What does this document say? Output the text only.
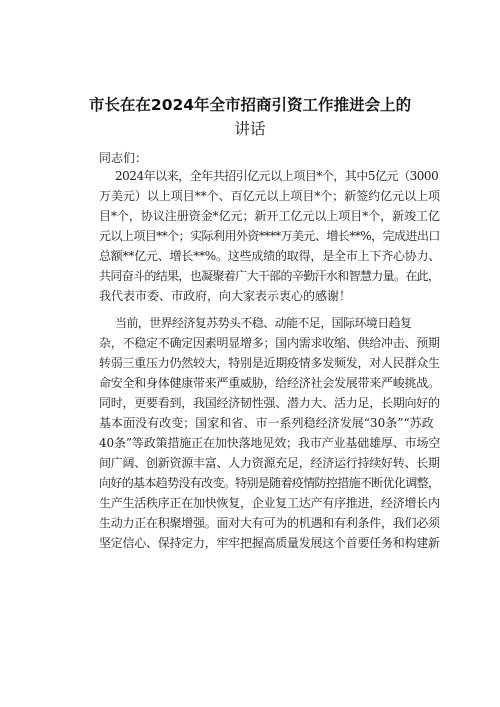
市长在在2024年全市招商引资工作推进会上的
讲话

同志们：

2024年以来，全年共招引亿元以上项目*个，其中5亿元（3000

万美元）以上项目**个、百亿元以上项目*个；新签约亿元以上项

目*个，协议注册资金*亿元；新开工亿元以上项目*个，新竣工亿

元以上项目**个；实际利用外资****万美元、增长**%，完成进出口

总额**亿元、增长**%。这些成绩的取得，是全市上下齐心协力、

共同奋斗的结果，也凝聚着广大干部的辛勤汗水和智慧力量。在此，

我代表市委、市政府，向大家表示衷心的感谢！

当前，世界经济复苏势头不稳、动能不足，国际环境日趋复

杂，不稳定不确定因素明显增多；国内需求收缩、供给冲击、预期

转弱三重压力仍然较大，特别是近期疫情多发频发，对人民群众生

命安全和身体健康带来严重威胁，给经济社会发展带来严峻挑战。

同时，更要看到，我国经济韧性强、潜力大、活力足，长期向好的

基本面没有改变；国家和省、市一系列稳经济发展“30条”“苏政

40条”等政策措施正在加快落地见效；我市产业基础雄厚、市场空

间广阔、创新资源丰富、人力资源充足，经济运行持续好转、长期

向好的基本趋势没有改变。特别是随着疫情防控措施不断优化调整，

生产生活秩序正在加快恢复，企业复工达产有序推进，经济增长内

生动力正在积聚增强。面对大有可为的机遇和有利条件，我们必须

坚定信心、保持定力，牢牢把握高质量发展这个首要任务和构建新
